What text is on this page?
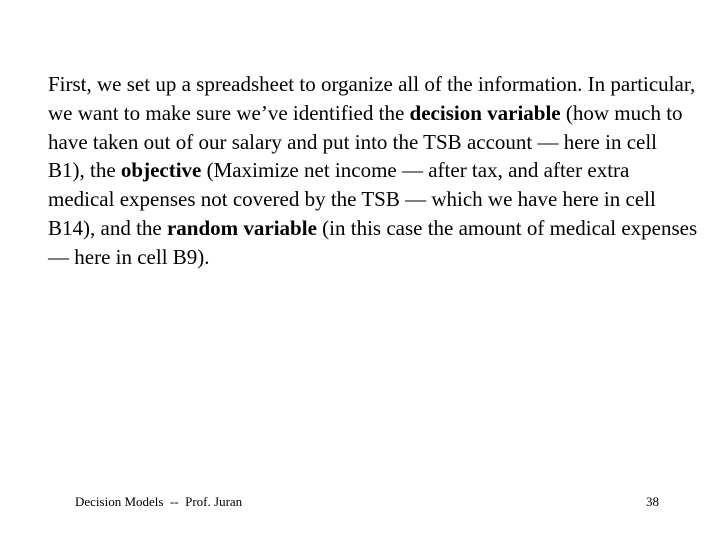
First, we set up a spreadsheet to organize all of the information. In particular, we want to make sure we’ve identified the decision variable (how much to have taken out of our salary and put into the TSB account — here in cell B1), the objective (Maximize net income — after tax, and after extra medical expenses not covered by the TSB — which we have here in cell B14), and the random variable (in this case the amount of medical expenses — here in cell B9).

Decision Models  --  Prof. Juran	38
